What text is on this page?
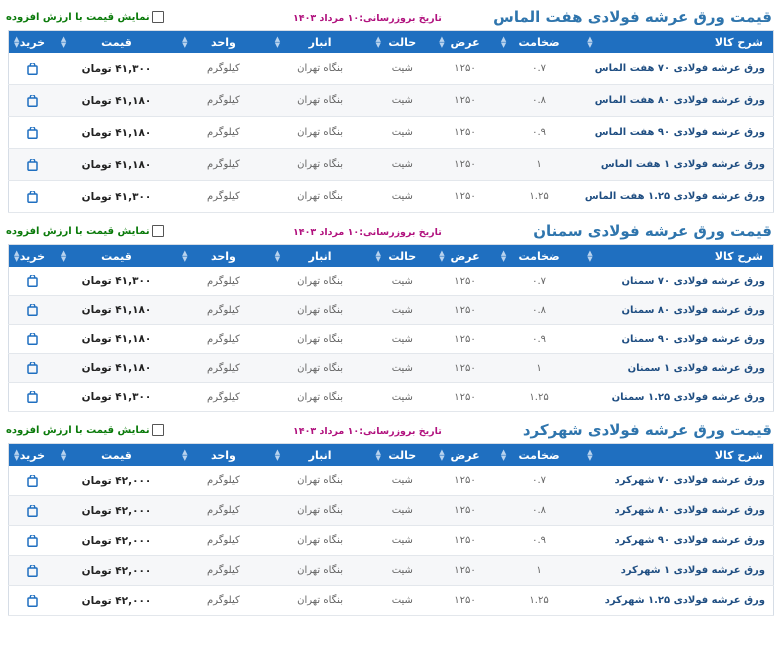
قیمت ورق عرشه فولادی هفت الماس
تاریخ بروزرسانی:۱۰ مرداد ۱۴۰۳
نمایش قیمت با ارزش افزوده
شرح کالا
▲
▼	ضخامت
▲
▼	عرض
▲
▼	حالت
▲
▼	انبار
▲
▼	واحد
▲
▼	قیمت
▲
▼	خرید
▲
▼

ورق عرشه فولادی ۷۰ هفت الماس	۰.۷	۱۲۵۰	شیت	بنگاه تهران	کیلوگرم	۴۱,۳۰۰ تومان	

ورق عرشه فولادی ۸۰ هفت الماس	۰.۸	۱۲۵۰	شیت	بنگاه تهران	کیلوگرم	۴۱,۱۸۰ تومان	

ورق عرشه فولادی ۹۰ هفت الماس	۰.۹	۱۲۵۰	شیت	بنگاه تهران	کیلوگرم	۴۱,۱۸۰ تومان	

ورق عرشه فولادی ۱ هفت الماس	۱	۱۲۵۰	شیت	بنگاه تهران	کیلوگرم	۴۱,۱۸۰ تومان	

ورق عرشه فولادی ۱.۲۵ هفت الماس	۱.۲۵	۱۲۵۰	شیت	بنگاه تهران	کیلوگرم	۴۱,۳۰۰ تومان	
قیمت ورق عرشه فولادی سمنان
تاریخ بروزرسانی:۱۰ مرداد ۱۴۰۳
نمایش قیمت با ارزش افزوده
شرح کالا
▲
▼	ضخامت
▲
▼	عرض
▲
▼	حالت
▲
▼	انبار
▲
▼	واحد
▲
▼	قیمت
▲
▼	خرید
▲
▼

ورق عرشه فولادی ۷۰ سمنان	۰.۷	۱۲۵۰	شیت	بنگاه تهران	کیلوگرم	۴۱,۳۰۰ تومان	

ورق عرشه فولادی ۸۰ سمنان	۰.۸	۱۲۵۰	شیت	بنگاه تهران	کیلوگرم	۴۱,۱۸۰ تومان	

ورق عرشه فولادی ۹۰ سمنان	۰.۹	۱۲۵۰	شیت	بنگاه تهران	کیلوگرم	۴۱,۱۸۰ تومان	

ورق عرشه فولادی ۱ سمنان	۱	۱۲۵۰	شیت	بنگاه تهران	کیلوگرم	۴۱,۱۸۰ تومان	

ورق عرشه فولادی ۱.۲۵ سمنان	۱.۲۵	۱۲۵۰	شیت	بنگاه تهران	کیلوگرم	۴۱,۳۰۰ تومان	
قیمت ورق عرشه فولادی شهرکرد
تاریخ بروزرسانی:۱۰ مرداد ۱۴۰۳
نمایش قیمت با ارزش افزوده
شرح کالا
▲
▼	ضخامت
▲
▼	عرض
▲
▼	حالت
▲
▼	انبار
▲
▼	واحد
▲
▼	قیمت
▲
▼	خرید
▲
▼

ورق عرشه فولادی ۷۰ شهرکرد	۰.۷	۱۲۵۰	شیت	بنگاه تهران	کیلوگرم	۴۲,۰۰۰ تومان	

ورق عرشه فولادی ۸۰ شهرکرد	۰.۸	۱۲۵۰	شیت	بنگاه تهران	کیلوگرم	۴۲,۰۰۰ تومان	

ورق عرشه فولادی ۹۰ شهرکرد	۰.۹	۱۲۵۰	شیت	بنگاه تهران	کیلوگرم	۴۲,۰۰۰ تومان	

ورق عرشه فولادی ۱ شهرکرد	۱	۱۲۵۰	شیت	بنگاه تهران	کیلوگرم	۴۲,۰۰۰ تومان	

ورق عرشه فولادی ۱.۲۵ شهرکرد	۱.۲۵	۱۲۵۰	شیت	بنگاه تهران	کیلوگرم	۴۲,۰۰۰ تومان	
